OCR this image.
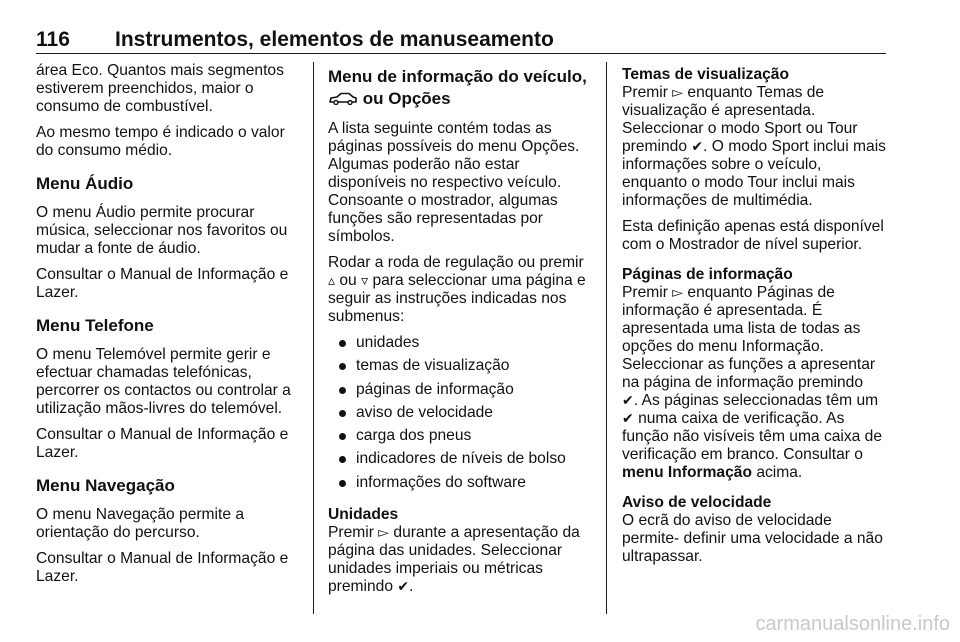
116 Instrumentos, elementos de manuseamento

área Eco. Quantos mais segmentos estiverem preenchidos, maior o consumo de combustível.

Ao mesmo tempo é indicado o valor do consumo médio.

Menu Áudio

O menu Áudio permite procurar música, seleccionar nos favoritos ou mudar a fonte de áudio.

Consultar o Manual de Informação e Lazer.

Menu Telefone

O menu Telemóvel permite gerir e efectuar chamadas telefónicas, percorrer os contactos ou controlar a utilização mãos-livres do telemóvel.

Consultar o Manual de Informação e Lazer.

Menu Navegação

O menu Navegação permite a orientação do percurso.

Consultar o Manual de Informação e Lazer.

Menu de informação do veículo,  ou Opções

A lista seguinte contém todas as páginas possíveis do menu Opções. Algumas poderão não estar disponíveis no respectivo veículo. Consoante o mostrador, algumas funções são representadas por símbolos.

Rodar a roda de regulação ou premir
▵ ou ▿ para seleccionar uma página e seguir as instruções indicadas nos submenus:

unidades
temas de visualização
páginas de informação
aviso de velocidade
carga dos pneus
indicadores de níveis de bolso
informações do software
Unidades

Premir ▻ durante a apresentação da página das unidades. Seleccionar unidades imperiais ou métricas premindo ✔.

Temas de visualização

Premir ▻ enquanto Temas de visualização é apresentada. Seleccionar o modo Sport ou Tour premindo ✔. O modo Sport inclui mais informações sobre o veículo, enquanto o modo Tour inclui mais informações de multimédia.

Esta definição apenas está disponível com o Mostrador de nível superior.

Páginas de informação

Premir ▻ enquanto Páginas de informação é apresentada. É apresentada uma lista de todas as opções do menu Informação. Seleccionar as funções a apresentar na página de informação premindo
✔. As páginas seleccionadas têm um
✔ numa caixa de verificação. As função não visíveis têm uma caixa de verificação em branco. Consultar o menu Informação acima.

Aviso de velocidade

O ecrã do aviso de velocidade permite- definir uma velocidade a não ultrapassar.

carmanualsonline.info
